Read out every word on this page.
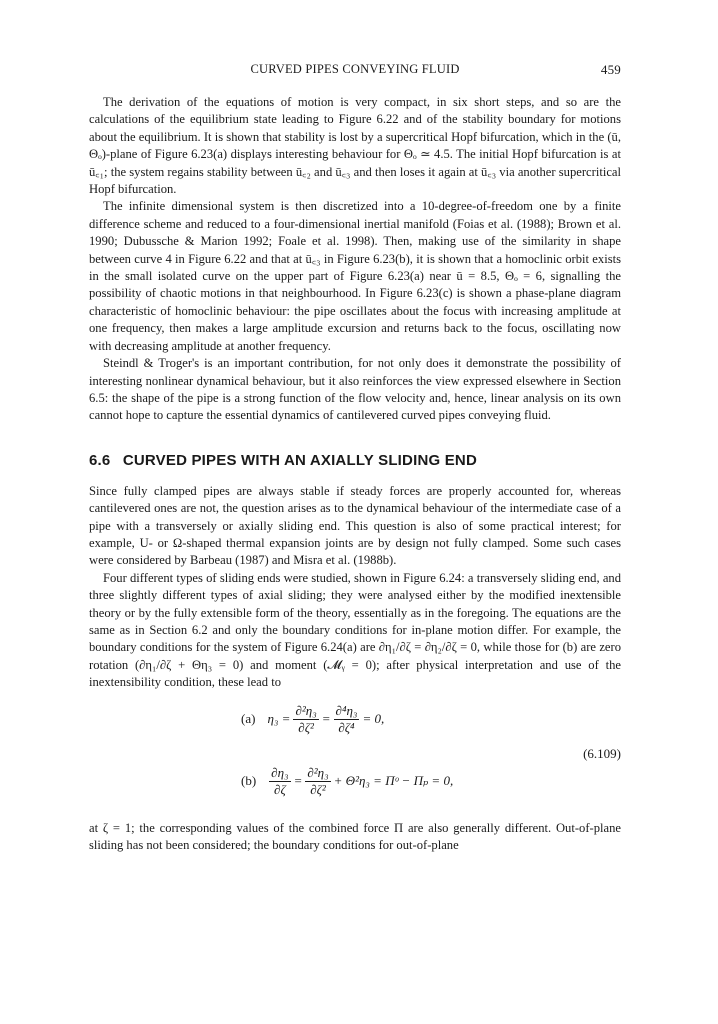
CURVED PIPES CONVEYING FLUID	459

The derivation of the equations of motion is very compact, in six short steps, and so are the calculations of the equilibrium state leading to Figure 6.22 and of the stability boundary for motions about the equilibrium. It is shown that stability is lost by a supercritical Hopf bifurcation, which in the (ū, Θₒ)-plane of Figure 6.23(a) displays interesting behaviour for Θₒ ≃ 4.5. The initial Hopf bifurcation is at ū꜀₁; the system regains stability between ū꜀₂ and ū꜀₃ and then loses it again at ū꜀₃ via another supercritical Hopf bifurcation.

The infinite dimensional system is then discretized into a 10-degree-of-freedom one by a finite difference scheme and reduced to a four-dimensional inertial manifold (Foias et al. (1988); Brown et al. 1990; Dubussche & Marion 1992; Foale et al. 1998). Then, making use of the similarity in shape between curve 4 in Figure 6.22 and that at ū꜀₃ in Figure 6.23(b), it is shown that a homoclinic orbit exists in the small isolated curve on the upper part of Figure 6.23(a) near ū = 8.5, Θₒ = 6, signalling the possibility of chaotic motions in that neighbourhood. In Figure 6.23(c) is shown a phase-plane diagram characteristic of homoclinic behaviour: the pipe oscillates about the focus with increasing amplitude at one frequency, then makes a large amplitude excursion and returns back to the focus, oscillating now with decreasing amplitude at another frequency.

Steindl & Troger's is an important contribution, for not only does it demonstrate the possibility of interesting nonlinear dynamical behaviour, but it also reinforces the view expressed elsewhere in Section 6.5: the shape of the pipe is a strong function of the flow velocity and, hence, linear analysis on its own cannot hope to capture the essential dynamics of cantilevered curved pipes conveying fluid.

6.6 CURVED PIPES WITH AN AXIALLY SLIDING END

Since fully clamped pipes are always stable if steady forces are properly accounted for, whereas cantilevered ones are not, the question arises as to the dynamical behaviour of the intermediate case of a pipe with a transversely or axially sliding end. This question is also of some practical interest; for example, U- or Ω-shaped thermal expansion joints are by design not fully clamped. Some such cases were considered by Barbeau (1987) and Misra et al. (1988b).

Four different types of sliding ends were studied, shown in Figure 6.24: a transversely sliding end, and three slightly different types of axial sliding; they were analysed either by the modified inextensible theory or by the fully extensible form of the theory, essentially as in the foregoing. The equations are the same as in Section 6.2 and only the boundary conditions for in-plane motion differ. For example, the boundary conditions for the system of Figure 6.24(a) are ∂η₁/∂ζ = ∂η₂/∂ζ = 0, while those for (b) are zero rotation (∂η₁/∂ζ + Θη₃ = 0) and moment (𝓜ᵧ = 0); after physical interpretation and use of the inextensibility condition, these lead to

(a) $\eta_3 = \frac{\text{∂²η₃}}{\text{∂ζ²}} = \frac{\text{∂⁴η₃}}{\text{∂ζ⁴}} = 0$,
$(b) \frac{\text{∂η₃}}{\partial\zeta} = \frac{\text{∂²η₃}}{\text{∂ζ²}} + \Theta^2\eta_3$ = Πᵒ − Πₚ = 0,
(6.109)

at ζ = 1; the corresponding values of the combined force Π are also generally different. Out-of-plane sliding has not been considered; the boundary conditions for out-of-plane
